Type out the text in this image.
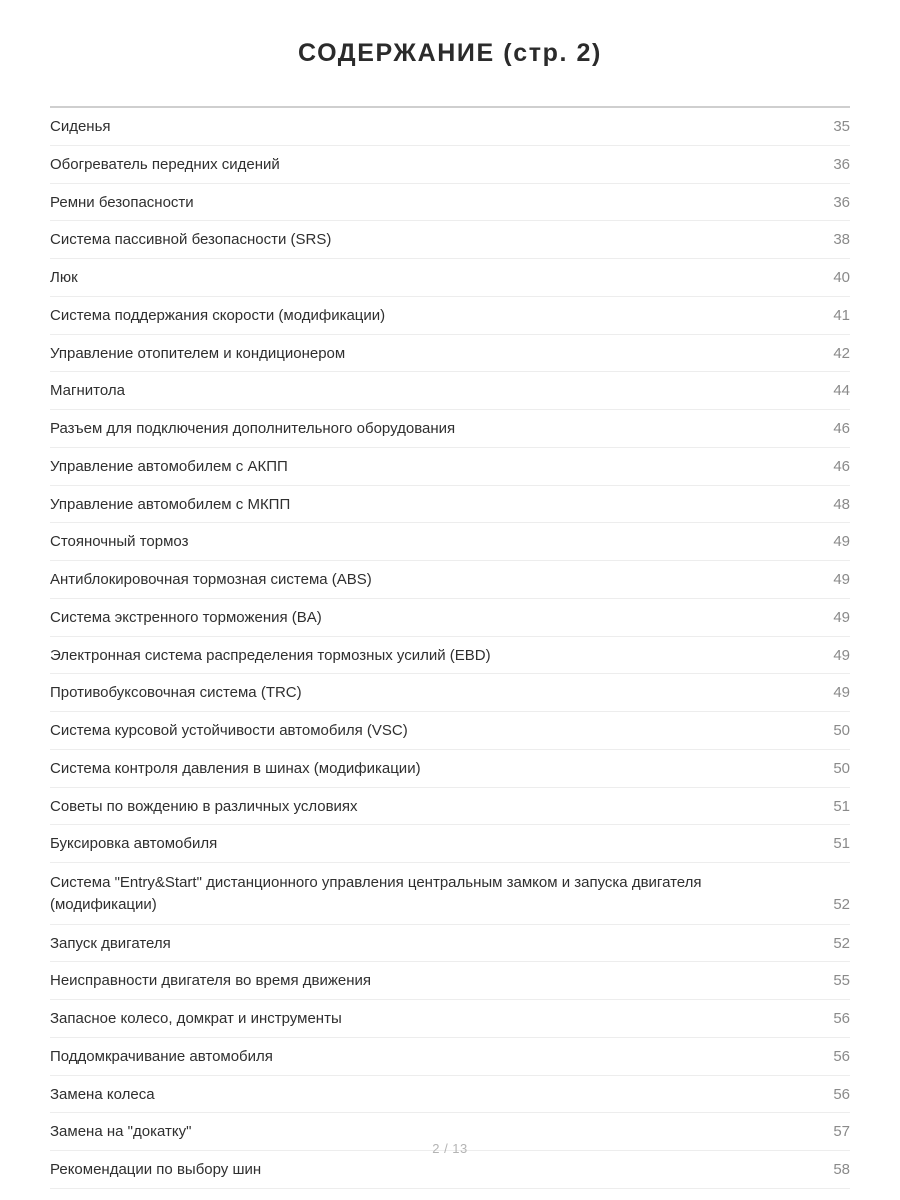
СОДЕРЖАНИЕ (стр. 2)
Сиденья	35
Обогреватель передних сидений	36
Ремни безопасности	36
Система пассивной безопасности (SRS)	38
Люк	40
Система поддержания скорости (модификации)	41
Управление отопителем и кондиционером	42
Магнитола	44
Разъем для подключения дополнительного оборудования	46
Управление автомобилем с АКПП	46
Управление автомобилем с МКПП	48
Стояночный тормоз	49
Антиблокировочная тормозная система (ABS)	49
Система экстренного торможения (BA)	49
Электронная система распределения тормозных усилий (EBD)	49
Противобуксовочная система (TRC)	49
Система курсовой устойчивости автомобиля (VSC)	50
Система контроля давления в шинах (модификации)	50
Советы по вождению в различных условиях	51
Буксировка автомобиля	51
Система "Entry&Start" дистанционного управления центральным замком и запуска двигателя (модификации)	52
Запуск двигателя	52
Неисправности двигателя во время движения	55
Запасное колесо, домкрат и инструменты	56
Поддомкрачивание автомобиля	56
Замена колеса	56
Замена на "докатку"	57
Рекомендации по выбору шин	58
2 / 13
